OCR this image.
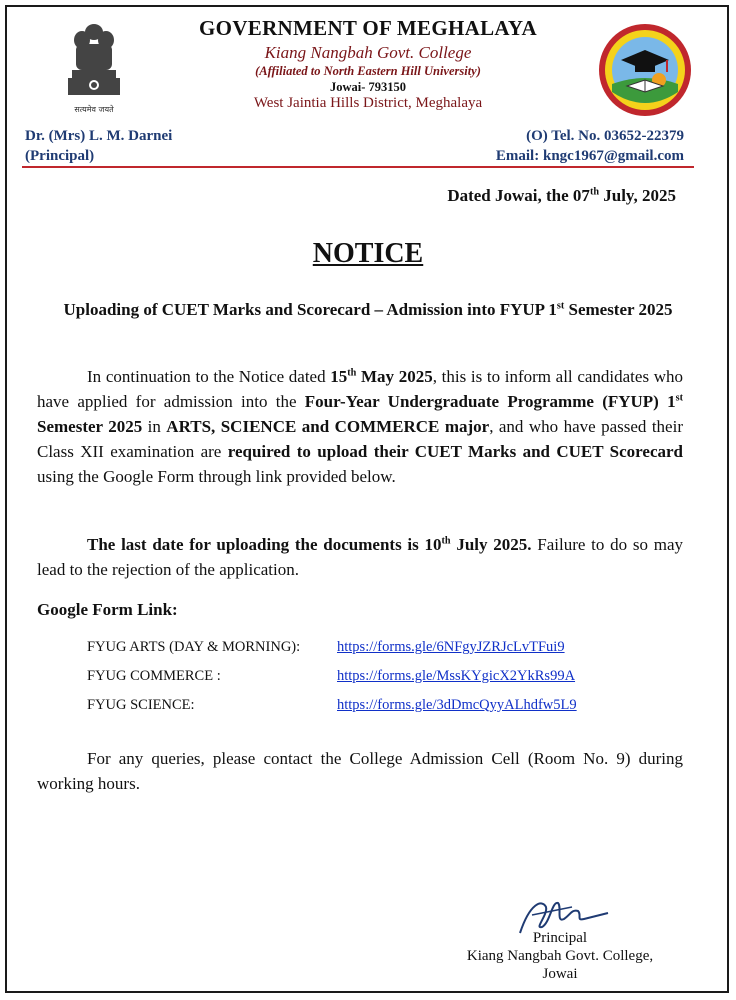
सत्यमेव जयते
GOVERNMENT OF MEGHALAYA
Kiang Nangbah Govt. College
(Affiliated to North Eastern Hill University)
Jowai- 793150
West Jaintia Hills District, Meghalaya
Dr. (Mrs) L. M. Darnei
(Principal)
(O) Tel. No. 03652-22379
Email: kngc1967@gmail.com
Dated Jowai, the 07th July, 2025
NOTICE
Uploading of CUET Marks and Scorecard – Admission into FYUP 1st Semester 2025
In continuation to the Notice dated 15th May 2025, this is to inform all candidates who have applied for admission into the Four-Year Undergraduate Programme (FYUP) 1st Semester 2025 in ARTS, SCIENCE and COMMERCE major, and who have passed their Class XII examination are required to upload their CUET Marks and CUET Scorecard using the Google Form through link provided below.
The last date for uploading the documents is 10th July 2025. Failure to do so may lead to the rejection of the application.
Google Form Link:
FYUG ARTS (DAY & MORNING):	https://forms.gle/6NFgyJZRJcLvTFui9
FYUG COMMERCE :	https://forms.gle/MssKYgicX2YkRs99A
FYUG SCIENCE:	https://forms.gle/3dDmcQyyALhdfw5L9
For any queries, please contact the College Admission Cell (Room No. 9) during working hours.
Principal
Kiang Nangbah Govt. College,
Jowai
